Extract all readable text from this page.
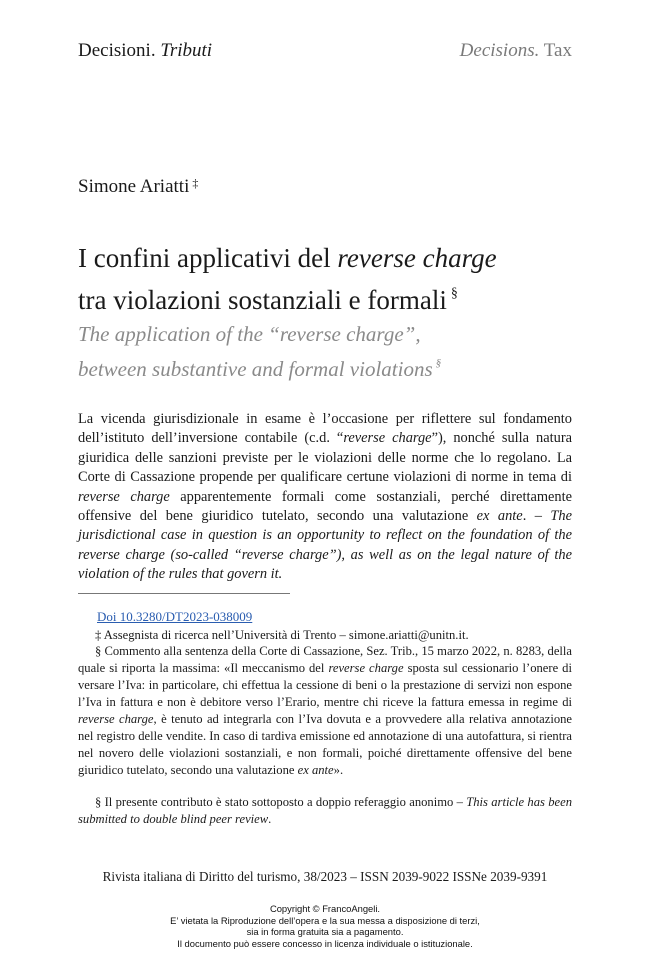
Decisioni. Tributi	Decisions. Tax
Simone Ariatti ‡
I confini applicativi del reverse charge
tra violazioni sostanziali e formali §
The application of the “reverse charge”,
between substantive and formal violations §
La vicenda giurisdizionale in esame è l’occasione per riflettere sul fondamento dell’istituto dell’inversione contabile (c.d. “reverse charge”), nonché sulla natura giuridica delle sanzioni previste per le violazioni delle norme che lo regolano. La Corte di Cassazione propende per qualificare certune violazioni di norme in tema di reverse charge apparentemente formali come sostanziali, perché direttamente offensive del bene giuridico tutelato, secondo una valutazione ex ante. – The jurisdictional case in question is an opportunity to reflect on the foundation of the reverse charge (so-called “reverse charge”), as well as on the legal nature of the violation of the rules that govern it.
Doi 10.3280/DT2023-038009
‡ Assegnista di ricerca nell’Università di Trento – simone.ariatti@unitn.it.
§ Commento alla sentenza della Corte di Cassazione, Sez. Trib., 15 marzo 2022, n. 8283, della quale si riporta la massima: «Il meccanismo del reverse charge sposta sul cessionario l’onere di versare l’Iva: in particolare, chi effettua la cessione di beni o la prestazione di servizi non espone l’Iva in fattura e non è debitore verso l’Erario, mentre chi riceve la fattura emessa in regime di reverse charge, è tenuto ad integrarla con l’Iva dovuta e a provvedere alla relativa annotazione nel registro delle vendite. In caso di tardiva emissione ed annotazione di una autofattura, si rientra nel novero delle violazioni sostanziali, e non formali, poiché direttamente offensive del bene giuridico tutelato, secondo una valutazione ex ante».
§ Il presente contributo è stato sottoposto a doppio referaggio anonimo – This article has been submitted to double blind peer review.
Rivista italiana di Diritto del turismo, 38/2023 – ISSN 2039-9022 ISSNe 2039-9391
Copyright © FrancoAngeli.
E’ vietata la Riproduzione dell’opera e la sua messa a disposizione di terzi,
sia in forma gratuita sia a pagamento.
Il documento può essere concesso in licenza individuale o istituzionale.
